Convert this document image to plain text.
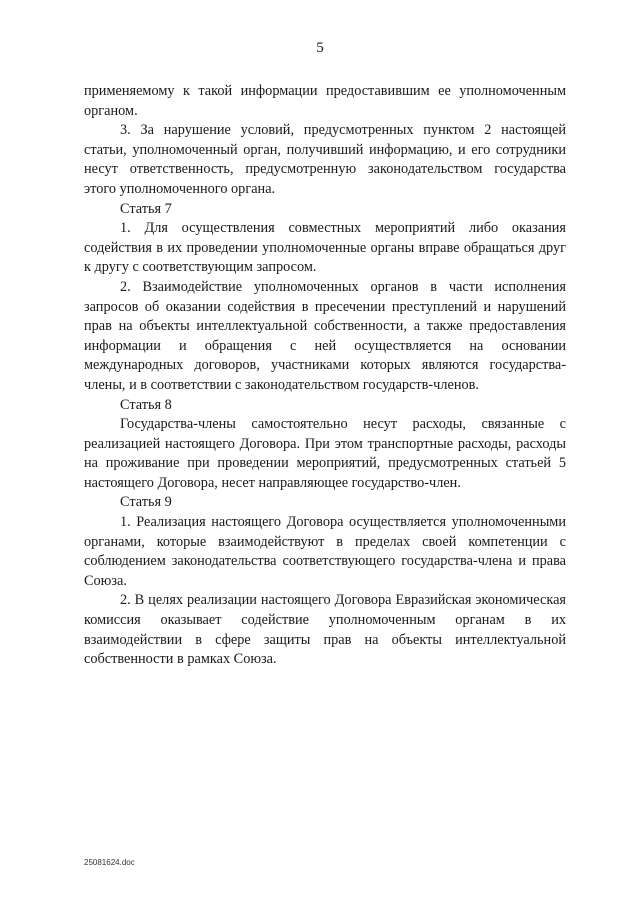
5

применяемому к такой информации предоставившим ее уполномоченным органом.

3. За нарушение условий, предусмотренных пунктом 2 настоящей статьи, уполномоченный орган, получивший информацию, и его сотрудники несут ответственность, предусмотренную законодательством государства этого уполномоченного органа.

Статья 7

1. Для осуществления совместных мероприятий либо оказания содействия в их проведении уполномоченные органы вправе обращаться друг к другу с соответствующим запросом.

2. Взаимодействие уполномоченных органов в части исполнения запросов об оказании содействия в пресечении преступлений и нарушений прав на объекты интеллектуальной собственности, а также предоставления информации и обращения с ней осуществляется на основании международных договоров, участниками которых являются государства-члены, и в соответствии с законодательством государств-членов.

Статья 8

Государства-члены самостоятельно несут расходы, связанные с реализацией настоящего Договора. При этом транспортные расходы, расходы на проживание при проведении мероприятий, предусмотренных статьей 5 настоящего Договора, несет направляющее государство-член.

Статья 9

1. Реализация настоящего Договора осуществляется уполномоченными органами, которые взаимодействуют в пределах своей компетенции с соблюдением законодательства соответствующего государства-члена и права Союза.

2. В целях реализации настоящего Договора Евразийская экономическая комиссия оказывает содействие уполномоченным органам в их взаимодействии в сфере защиты прав на объекты интеллектуальной собственности в рамках Союза.

25081624.doc
